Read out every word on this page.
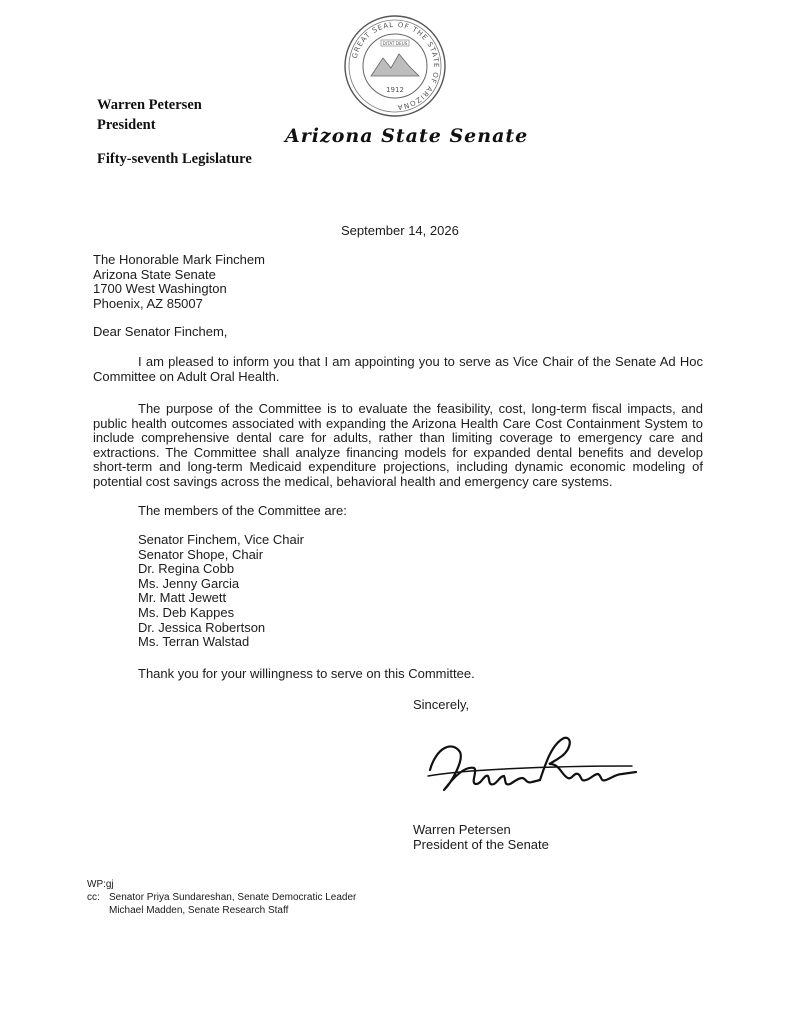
GREAT SEAL OF THE STATE OF ARIZONA
DITAT DEUS
1912
Warren Petersen
President
Fifty-seventh Legislature
Arizona State Senate
September 14, 2026
The Honorable Mark Finchem
Arizona State Senate
1700 West Washington
Phoenix, AZ 85007
Dear Senator Finchem,

I am pleased to inform you that I am appointing you to serve as Vice Chair of the Senate Ad Hoc Committee on Adult Oral Health.

The purpose of the Committee is to evaluate the feasibility, cost, long-term fiscal impacts, and public health outcomes associated with expanding the Arizona Health Care Cost Containment System to include comprehensive dental care for adults, rather than limiting coverage to emergency care and extractions. The Committee shall analyze financing models for expanded dental benefits and develop short-term and long-term Medicaid expenditure projections, including dynamic economic modeling of potential cost savings across the medical, behavioral health and emergency care systems.

The members of the Committee are:
Senator Finchem, Vice Chair
Senator Shope, Chair
Dr. Regina Cobb
Ms. Jenny Garcia
Mr. Matt Jewett
Ms. Deb Kappes
Dr. Jessica Robertson
Ms. Terran Walstad
Thank you for your willingness to serve on this Committee.
Sincerely,
Warren Petersen
President of the Senate
WP:gj
cc: Senator Priya Sundareshan, Senate Democratic Leader
Michael Madden, Senate Research Staff
